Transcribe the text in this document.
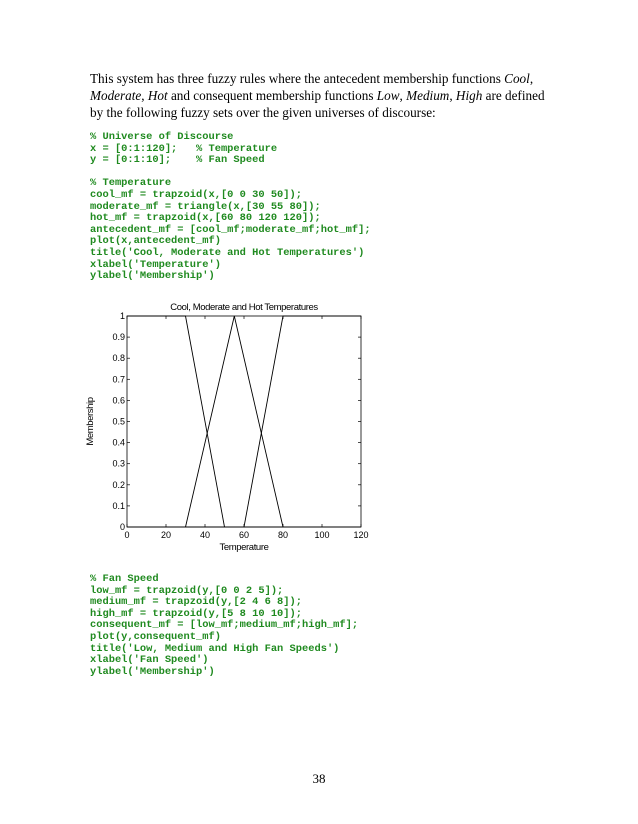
This system has three fuzzy rules where the antecedent membership functions Cool, Moderate, Hot and consequent membership functions Low, Medium, High are defined by the following fuzzy sets over the given universes of discourse:
% Universe of Discourse
x = [0:1:120];   % Temperature
y = [0:1:10];    % Fan Speed
% Temperature
cool_mf = trapzoid(x,[0 0 30 50]);
moderate_mf = triangle(x,[30 55 80]);
hot_mf = trapzoid(x,[60 80 120 120]);
antecedent_mf = [cool_mf;moderate_mf;hot_mf];
plot(x,antecedent_mf)
title('Cool, Moderate and Hot Temperatures')
xlabel('Temperature')
ylabel('Membership')
0	20	40	60	80	100	120
0
0.1
0.2
0.3
0.4
0.5
0.6
0.7
0.8
0.9
1
Cool, Moderate and Hot Temperatures
Temperature
Membership
% Fan Speed
low_mf = trapzoid(y,[0 0 2 5]);
medium_mf = trapzoid(y,[2 4 6 8]);
high_mf = trapzoid(y,[5 8 10 10]);
consequent_mf = [low_mf;medium_mf;high_mf];
plot(y,consequent_mf)
title('Low, Medium and High Fan Speeds')
xlabel('Fan Speed')
ylabel('Membership')
38
